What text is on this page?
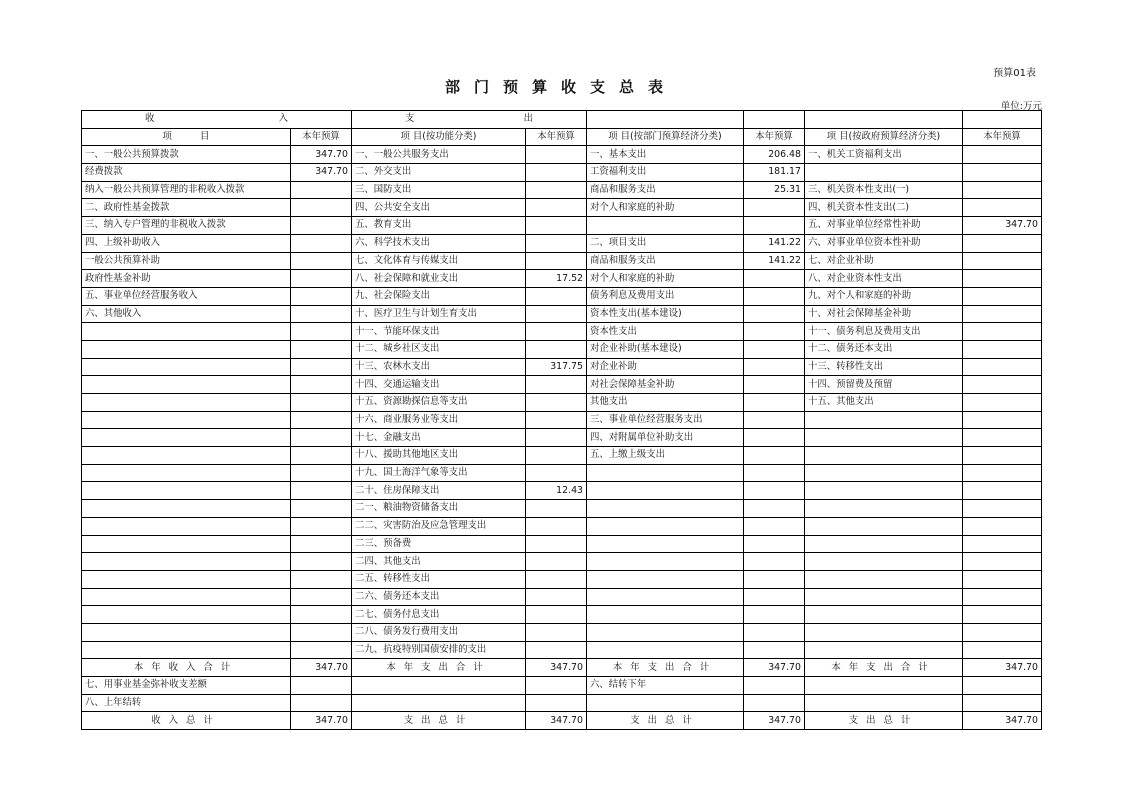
预算01表
部门预算收支总表
单位:万元
收 入		支 出					

项　　　目	本年预算	项 目(按功能分类)	本年预算	项 目(按部门预算经济分类)	本年预算	项 目(按政府预算经济分类)	本年预算
一、一般公共预算拨款	347.70	一、一般公共服务支出		一、基本支出	206.48	一、机关工资福利支出	
经费拨款	347.70	二、外交支出		工资福利支出	181.17		
纳入一般公共预算管理的非税收入拨款		三、国防支出		商品和服务支出	25.31	三、机关资本性支出(一)	
二、政府性基金拨款		四、公共安全支出		对个人和家庭的补助		四、机关资本性支出(二)	
三、纳入专户管理的非税收入拨款		五、教育支出				五、对事业单位经常性补助	347.70
四、上级补助收入		六、科学技术支出		二、项目支出	141.22	六、对事业单位资本性补助	
一般公共预算补助		七、文化体育与传媒支出		商品和服务支出	141.22	七、对企业补助	
政府性基金补助		八、社会保障和就业支出	17.52	对个人和家庭的补助		八、对企业资本性支出	
五、事业单位经营服务收入		九、社会保险支出		债务利息及费用支出		九、对个人和家庭的补助	
六、其他收入		十、医疗卫生与计划生育支出		资本性支出(基本建设)		十、对社会保障基金补助	
		十一、节能环保支出		资本性支出		十一、债务利息及费用支出	
		十二、城乡社区支出		对企业补助(基本建设)		十二、债务还本支出	
		十三、农林水支出	317.75	对企业补助		十三、转移性支出	
		十四、交通运输支出		对社会保障基金补助		十四、预留费及预留	
		十五、资源勘探信息等支出		其他支出		十五、其他支出	
		十六、商业服务业等支出		三、事业单位经营服务支出			
		十七、金融支出		四、对附属单位补助支出			
		十八、援助其他地区支出		五、上缴上级支出			
		十九、国土海洋气象等支出					
		二十、住房保障支出	12.43				
		二一、粮油物资储备支出					
		二二、灾害防治及应急管理支出					
		二三、预备费					
		二四、其他支出					
		二五、转移性支出					
		二六、债务还本支出					
		二七、债务付息支出					
		二八、债务发行费用支出					
		二九、抗疫特别国债安排的支出					
本年收入合计	347.70	本年支出合计	347.70	本年支出合计	347.70	本年支出合计	347.70
七、用事业基金弥补收支差额				六、结转下年			
八、上年结转							
收入总计	347.70	支出总计	347.70	支出总计	347.70	支出总计	347.70
